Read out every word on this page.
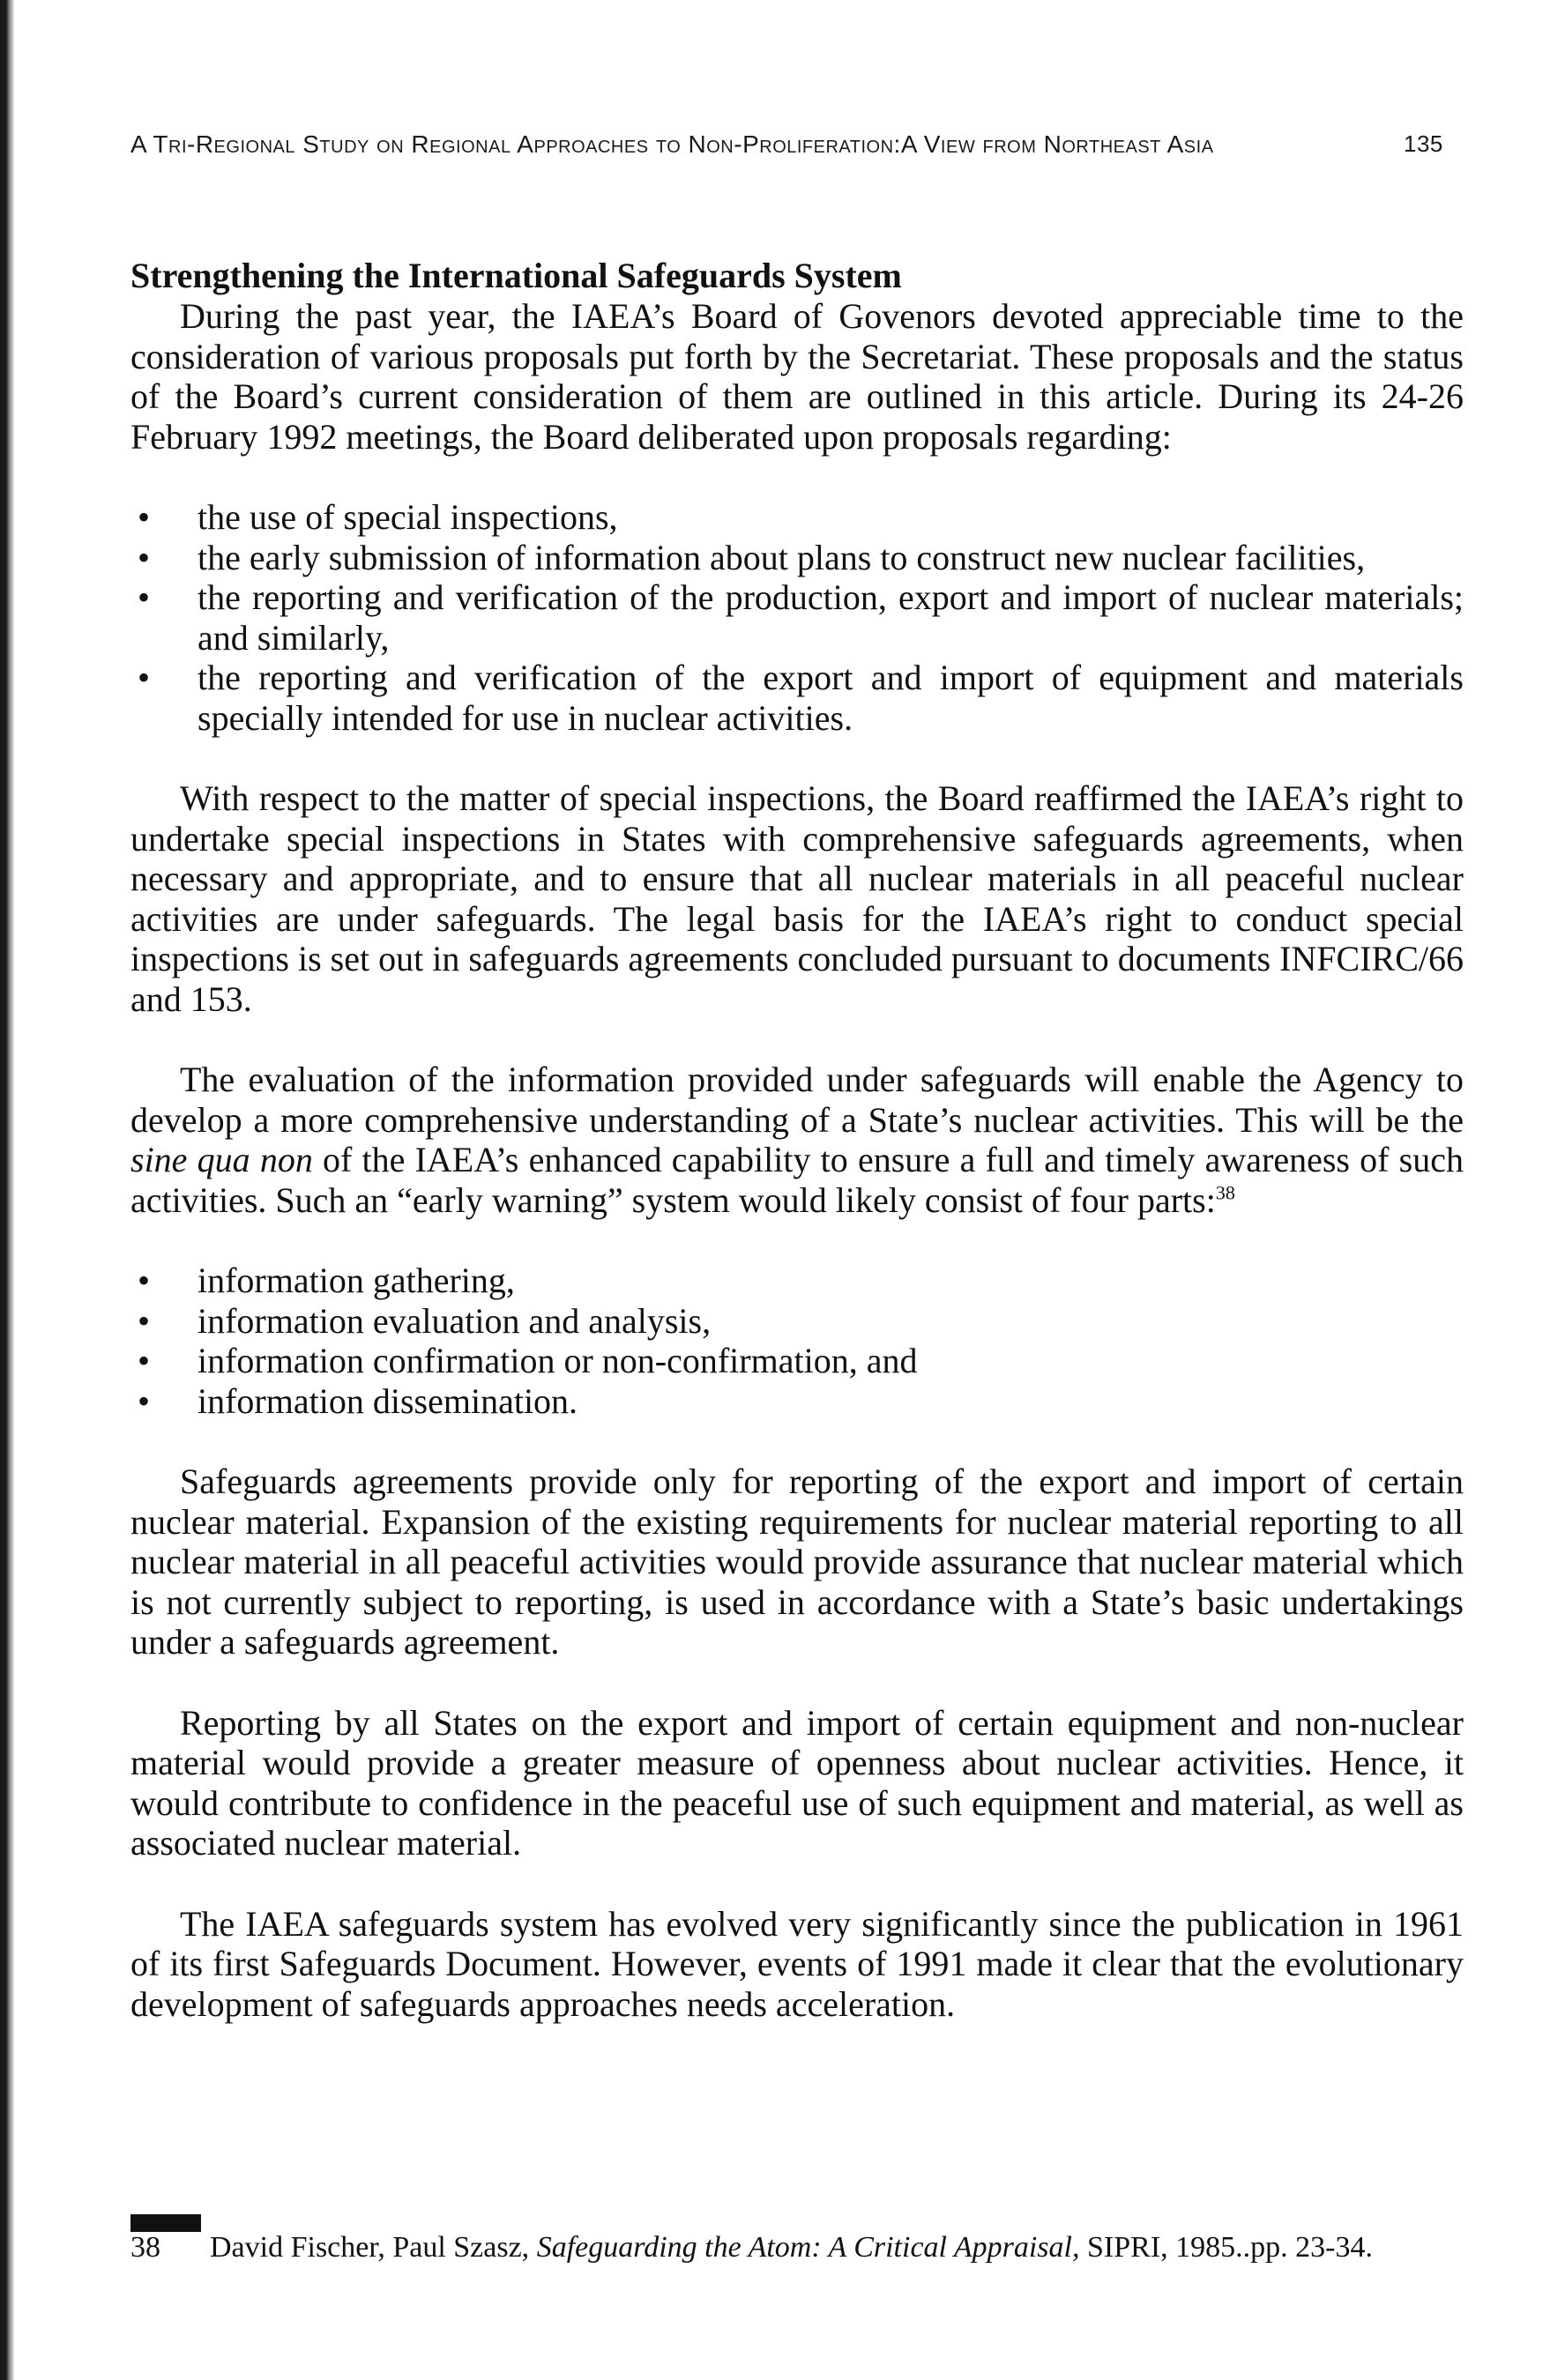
A Tri-Regional Study on Regional Approaches to Non-Proliferation:A View from Northeast Asia	135
Strengthening the International Safeguards System

During the past year, the IAEA’s Board of Govenors devoted appreciable time to the consideration of various proposals put forth by the Secretariat. These proposals and the status of the Board’s current consideration of them are outlined in this article. During its 24-26 February 1992 meetings, the Board deliberated upon proposals regarding:

•	the use of special inspections,
•	the early submission of information about plans to construct new nuclear facilities,
•	the reporting and verification of the production, export and import of nuclear materials; and similarly,
•	the reporting and verification of the export and import of equipment and materials specially intended for use in nuclear activities.

With respect to the matter of special inspections, the Board reaffirmed the IAEA’s right to undertake special inspections in States with comprehensive safeguards agreements, when necessary and appropriate, and to ensure that all nuclear materials in all peaceful nuclear activities are under safeguards. The legal basis for the IAEA’s right to conduct special inspections is set out in safeguards agreements concluded pursuant to documents INFCIRC/66 and 153.

The evaluation of the information provided under safeguards will enable the Agency to develop a more comprehensive understanding of a State’s nuclear activities. This will be the sine qua non of the IAEA’s enhanced capability to ensure a full and timely awareness of such activities. Such an “early warning” system would likely consist of four parts:$^{38}$

•	information gathering,
•	information evaluation and analysis,
•	information confirmation or non-confirmation, and
•	information dissemination.

Safeguards agreements provide only for reporting of the export and import of certain nuclear material. Expansion of the existing requirements for nuclear material reporting to all nuclear material in all peaceful activities would provide assurance that nuclear material which is not currently subject to reporting, is used in accordance with a State’s basic undertakings under a safeguards agreement.

Reporting by all States on the export and import of certain equipment and non-nuclear material would provide a greater measure of openness about nuclear activities. Hence, it would contribute to confidence in the peaceful use of such equipment and material, as well as associated nuclear material.

The IAEA safeguards system has evolved very significantly since the publication in 1961 of its first Safeguards Document. However, events of 1991 made it clear that the evolutionary development of safeguards approaches needs acceleration.

38 David Fischer, Paul Szasz, Safeguarding the Atom: A Critical Appraisal, SIPRI, 1985..pp. 23-34.
